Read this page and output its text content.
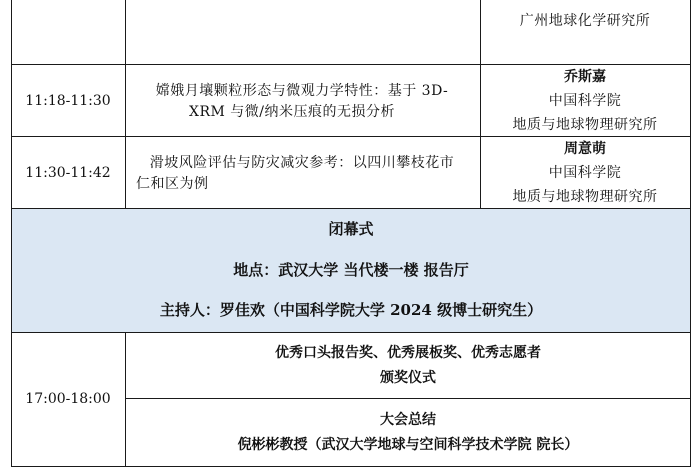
广州地球化学研究所
11:18-11:30
嫦娥月壤颗粒形态与微观力学特性：基于 3D-
XRM 与微/纳米压痕的无损分析
乔斯嘉
中国科学院
地质与地球物理研究所
11:30-11:42
滑坡风险评估与防灾减灾参考：以四川攀枝花市
仁和区为例
周意萌
中国科学院
地质与地球物理研究所
闭幕式
地点：武汉大学 当代楼一楼 报告厅
主持人：罗佳欢（中国科学院大学 2024 级博士研究生）
17:00-18:00
优秀口头报告奖、优秀展板奖、优秀志愿者
颁奖仪式
大会总结
倪彬彬教授（武汉大学地球与空间科学技术学院 院长）
